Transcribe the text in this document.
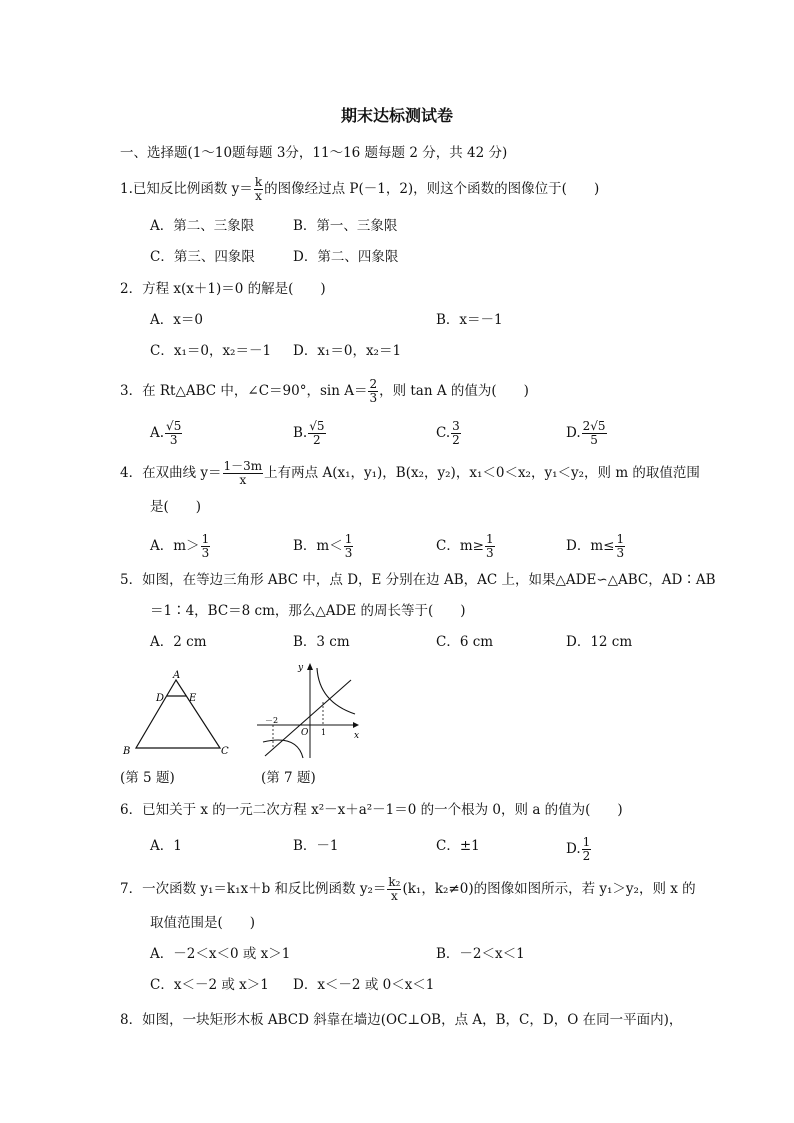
期末达标测试卷
一、选择题(1～10题每题 3分，11～16 题每题 2 分，共 42 分)
1.已知反比例函数 $y= \frac{k}{x}$ 的图像经过点 P(－1，2)，则这个函数的图像位于(　　)
A．第二、三象限	B．第一、三象限
C．第三、四象限	D．第二、四象限
2．方程 x(x＋1)＝0 的解是(　　)
A．x＝0	B．x＝－1
C．x₁＝0，x₂＝－1 D．x₁＝0，x₂＝1
3．在 Rt△ABC 中，∠C＝90°，$\sin A= \frac{2}{3}$ ，则 tan A 的值为(　　)
A. $\frac{√5}{3}$	B. $\frac{√5}{2}$	C. $\frac{3}{2}$	D. $\frac{2√5}{5}$
4．在双曲线 $y= \frac{1-3m}{x}$ 上有两点 A(x₁，y₁)，B(x₂，y₂)，x₁＜0＜x₂，y₁＜y₂，则 m 的取值范围
是(　　)
A．$m> \frac{1}{3}$	B．$m< \frac{1}{3}$	C．$m\ge \frac{1}{3}$	D．$m\le \frac{1}{3}$
5．如图，在等边三角形 ABC 中，点 D，E 分别在边 AB，AC 上，如果△ADE∽△ABC，AD∶AB
＝1∶4，BC＝8 cm，那么△ADE 的周长等于(　　)
A．2 cm	B．3 cm	C．6 cm	D．12 cm
A
D E
B	C
(第 5 题)
y
x
O
－2
1
(第 7 题)
6．已知关于 x 的一元二次方程 x²－x＋a²－1＝0 的一个根为 0，则 a 的值为(　　)
A．1	B．－1	C．±1	D. $\frac{1}{2}$
7．一次函数 y₁＝k₁x＋b 和反比例函数 $y_2= \frac{\text{k₂}}{x} (k_1$，k₂≠0)的图像如图所示，若 y₁＞y₂，则 x 的
取值范围是(　　)
A．－2＜x＜0 或 x＞1	B．－2＜x＜1
C．x＜－2 或 x＞1 D．x＜－2 或 0＜x＜1
8．如图，一块矩形木板 ABCD 斜靠在墙边(OC⊥OB，点 A，B，C，D，O 在同一平面内)，
